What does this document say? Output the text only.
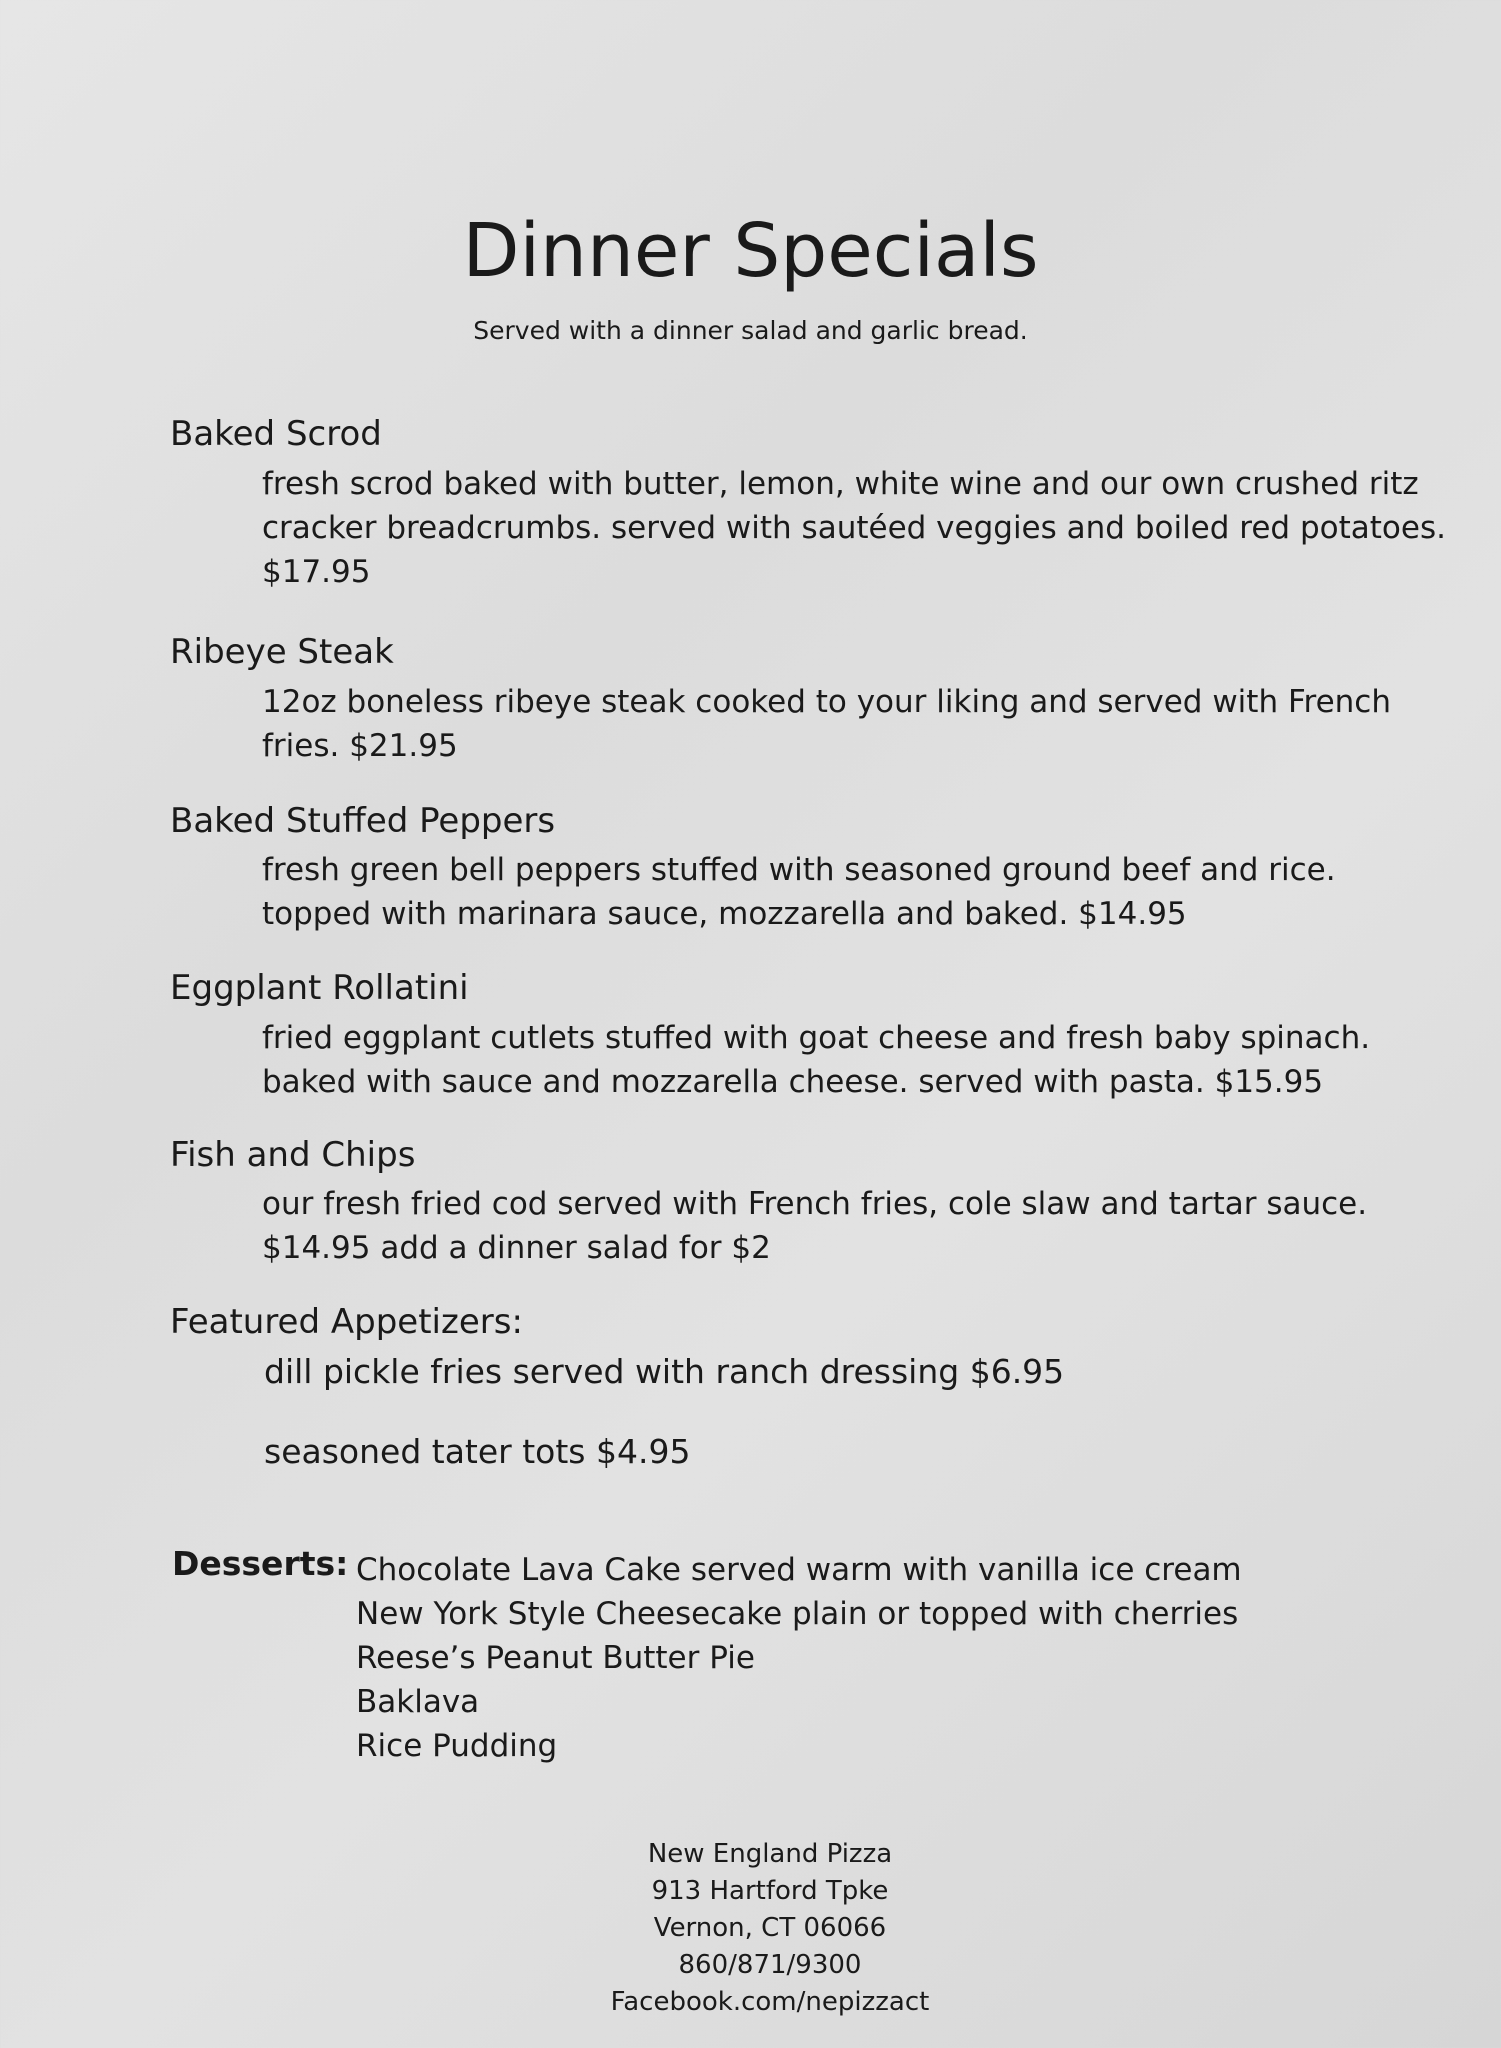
Dinner Specials

Served with a dinner salad and garlic bread.

Baked Scrod

fresh scrod baked with butter, lemon, white wine and our own crushed ritz
cracker breadcrumbs. served with sautéed veggies and boiled red potatoes.
$17.95

Ribeye Steak

12oz boneless ribeye steak cooked to your liking and served with French
fries. $21.95

Baked Stuffed Peppers

fresh green bell peppers stuffed with seasoned ground beef and rice.
topped with marinara sauce, mozzarella and baked. $14.95

Eggplant Rollatini

fried eggplant cutlets stuffed with goat cheese and fresh baby spinach.
baked with sauce and mozzarella cheese. served with pasta. $15.95

Fish and Chips

our fresh fried cod served with French fries, cole slaw and tartar sauce.
$14.95 add a dinner salad for $2

Featured Appetizers:

dill pickle fries served with ranch dressing $6.95

seasoned tater tots $4.95

Desserts: Chocolate Lava Cake served warm with vanilla ice cream
New York Style Cheesecake plain or topped with cherries
Reese’s Peanut Butter Pie
Baklava
Rice Pudding
New England Pizza
913 Hartford Tpke
Vernon, CT 06066
860/871/9300
Facebook.com/nepizzact
